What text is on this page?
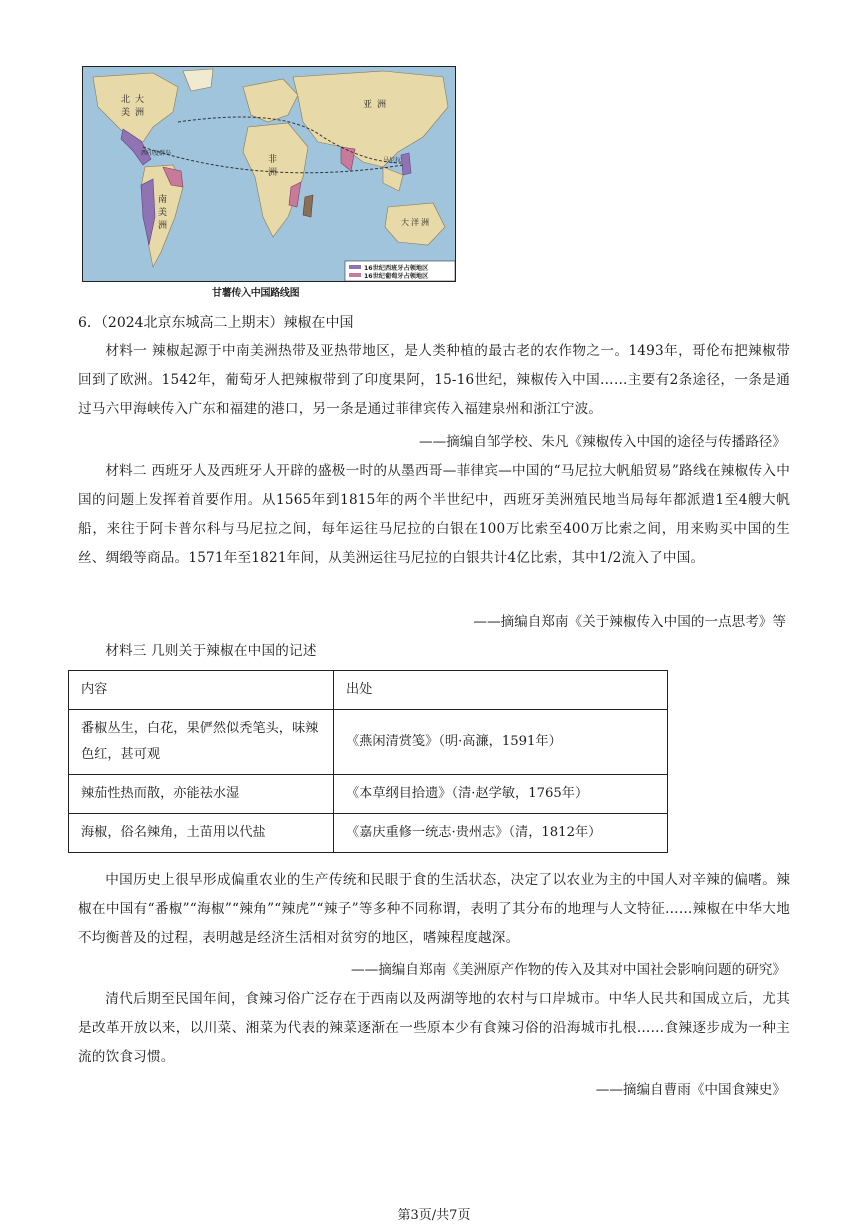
北 大
美 洲
南
美
洲
非
洲
亚 洲
大 洋 洲
西印度群岛
马尼拉
16世纪西班牙占领地区
16世纪葡萄牙占领地区
甘薯传入中国路线图
6．（2024北京东城高二上期末）辣椒在中国
材料一 辣椒起源于中南美洲热带及亚热带地区，是人类种植的最古老的农作物之一。1493年，哥伦布把辣椒带回到了欧洲。1542年，葡萄牙人把辣椒带到了印度果阿，15-16世纪，辣椒传入中国……主要有2条途径，一条是通过马六甲海峡传入广东和福建的港口，另一条是通过菲律宾传入福建泉州和浙江宁波。
——摘编自邹学校、朱凡《辣椒传入中国的途径与传播路径》
材料二 西班牙人及西班牙人开辟的盛极一时的从墨西哥—菲律宾—中国的“马尼拉大帆船贸易”路线在辣椒传入中国的问题上发挥着首要作用。从1565年到1815年的两个半世纪中，西班牙美洲殖民地当局每年都派遣1至4艘大帆船，来往于阿卡普尔科与马尼拉之间，每年运往马尼拉的白银在100万比索至400万比索之间，用来购买中国的生丝、绸缎等商品。1571年至1821年间，从美洲运往马尼拉的白银共计4亿比索，其中1/2流入了中国。
——摘编自郑南《关于辣椒传入中国的一点思考》等
材料三 几则关于辣椒在中国的记述
内容	出处
番椒丛生，白花，果俨然似秃笔头，味辣色红，甚可观	《燕闲清赏笺》（明·高濂，1591年）
辣茄性热而散，亦能祛水湿	《本草纲目拾遗》（清·赵学敏，1765年）
海椒，俗名辣角，土苗用以代盐	《嘉庆重修一统志·贵州志》（清，1812年）
中国历史上很早形成偏重农业的生产传统和民眼于食的生活状态，决定了以农业为主的中国人对辛辣的偏嗜。辣椒在中国有“番椒”“海椒”“辣角”“辣虎”“辣子”等多种不同称谓，表明了其分布的地理与人文特征……辣椒在中华大地不均衡普及的过程，表明越是经济生活相对贫穷的地区，嗜辣程度越深。
——摘编自郑南《美洲原产作物的传入及其对中国社会影响问题的研究》
清代后期至民国年间，食辣习俗广泛存在于西南以及两湖等地的农村与口岸城市。中华人民共和国成立后，尤其是改革开放以来，以川菜、湘菜为代表的辣菜逐渐在一些原本少有食辣习俗的沿海城市扎根……食辣逐步成为一种主流的饮食习惯。
——摘编自曹雨《中国食辣史》
第3页/共7页
